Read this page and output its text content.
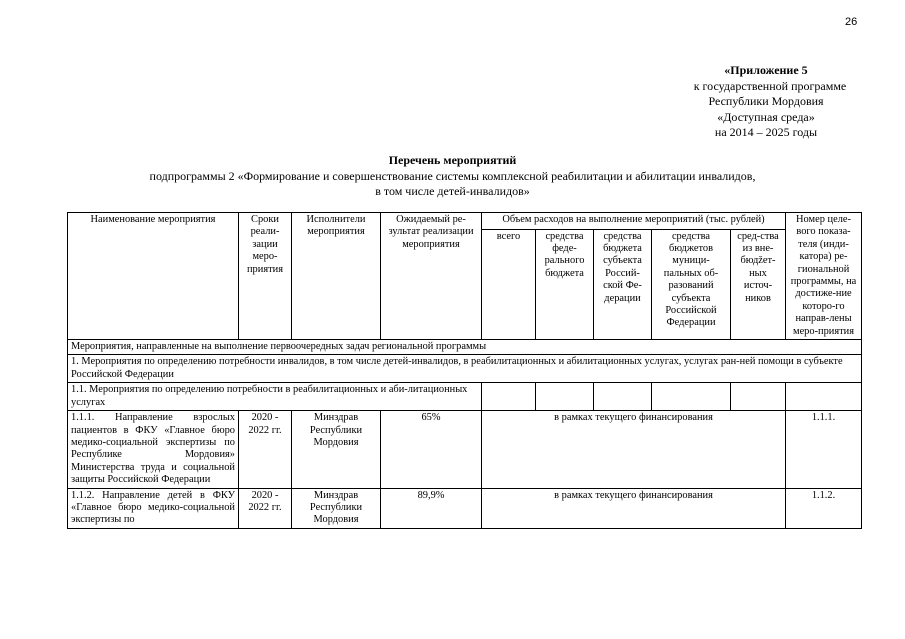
26
«Приложение 5
к государственной программе
Республики Мордовия
«Доступная среда»
на 2014 – 2025 годы
Перечень мероприятий
подпрограммы 2 «Формирование и совершенствование системы комплексной реабилитации и абилитации инвалидов,
в том числе детей-инвалидов»
Наименование мероприятия	Сроки реали-зации меро-приятия	Исполнители мероприятия	Ожидаемый ре-зультат реализации мероприятия	Объем расходов на выполнение мероприятий (тыс. рублей)					Номер целе-вого показа-теля (инди-катора) ре-гиональной программы, на достиже-ние которо-го направ-лены меро-приятия
				всего	средства феде-рального бюджета	средства бюджета субъекта Россий-ской Фе-дерации	средства бюджетов муници-пальных об-разований субъекта Российской Федерации	сред-ства из вне-бюдžет-ных источ-ников	
Мероприятия, направленные на выполнение первоочередных задач региональной программы									
1. Мероприятия по определению потребности инвалидов, в том числе детей-инвалидов, в реабилитационных и абилитационных услугах, услугах ран-ней помощи в субъекте Российской Федерации									
1.1. Мероприятия по определению потребности в реабилитационных и аби-литационных услугах									
1.1.1. Направление взрослых пациентов в ФКУ «Главное бюро медико-социальной экспертизы по Республике Мордовия» Министерства труда и социальной защиты Российской Федерации	2020 - 2022 гг.	Минздрав Республики Мордовия	65%	в рамках текущего финансирования					1.1.1.
1.1.2. Направление детей в ФКУ «Главное бюро медико-социальной экспертизы по	2020 - 2022 гг.	Минздрав Республики Мордовия	89,9%	в рамках текущего финансирования					1.1.2.
